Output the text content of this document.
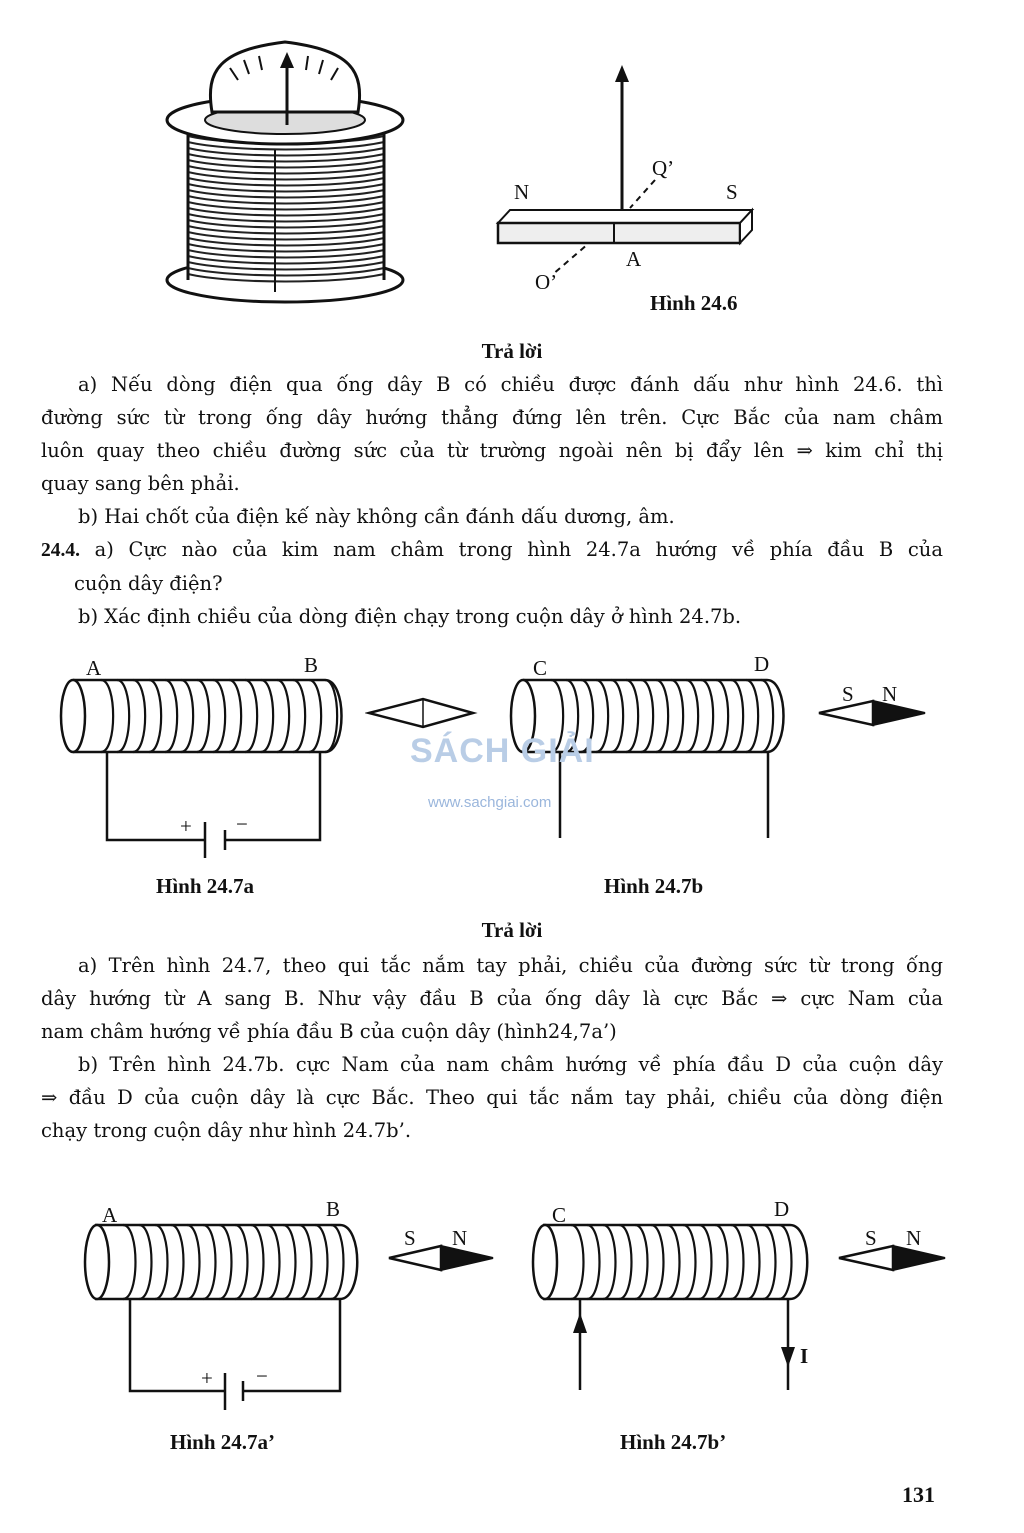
N	S
Q’
O’
A
Hình 24.6
Trả lời
a) Nếu dòng điện qua ống dây B có chiều được đánh dấu như hình 24.6. thì
đường sức từ trong ống dây hướng thẳng đứng lên trên. Cực Bắc của nam châm
luôn quay theo chiều đường sức của từ trường ngoài nên bị đẩy lên ⇒ kim chỉ thị
quay sang bên phải.
b) Hai chốt của điện kế này không cần đánh dấu dương, âm.
24.4. a) Cực nào của kim nam châm trong hình 24.7a hướng về phía đầu B của
cuộn dây điện?
b) Xác định chiều của dòng điện chạy trong cuộn dây ở hình 24.7b.
A	B
+ −
C	D
S N
SÁCH GIẢI
www.sachgiai.com
Hình 24.7a	Hình 24.7b
Trả lời
a) Trên hình 24.7, theo qui tắc nắm tay phải, chiều của đường sức từ trong ống
dây hướng từ A sang B. Như vậy đầu B của ống dây là cực Bắc ⇒ cực Nam của
nam châm hướng về phía đầu B của cuộn dây (hình24,7a’)
b) Trên hình 24.7b. cực Nam của nam châm hướng về phía đầu D của cuộn dây
⇒ đầu D của cuộn dây là cực Bắc. Theo qui tắc nắm tay phải, chiều của dòng điện
chạy trong cuộn dây như hình 24.7b’.
A	B
+ −
S N
C	D
I
S N
Hình 24.7a’	Hình 24.7b’
131
